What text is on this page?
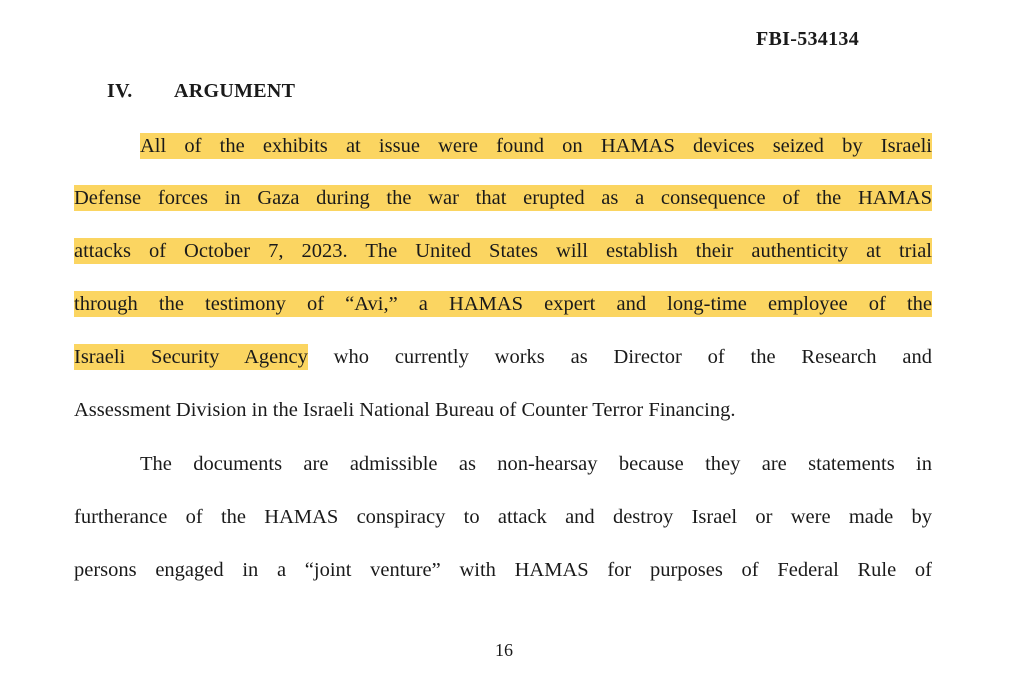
FBI-534134
IV. ARGUMENT
All of the exhibits at issue were found on HAMAS devices seized by Israeli
Defense forces in Gaza during the war that erupted as a consequence of the HAMAS
attacks of October 7, 2023. The United States will establish their authenticity at trial
through the testimony of “Avi,” a HAMAS expert and long-time employee of the
Israeli Security Agency who currently works as Director of the Research and
Assessment Division in the Israeli National Bureau of Counter Terror Financing.
The documents are admissible as non-hearsay because they are statements in
furtherance of the HAMAS conspiracy to attack and destroy Israel or were made by
persons engaged in a “joint venture” with HAMAS for purposes of Federal Rule of
16
